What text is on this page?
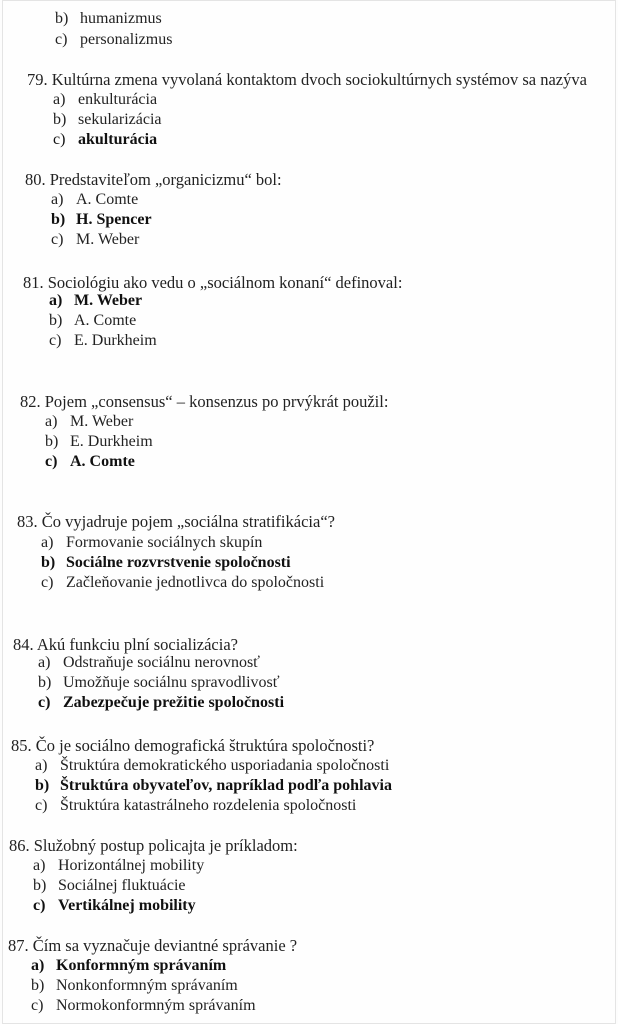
b) humanizmus
c) personalizmus
79. Kultúrna zmena vyvolaná kontaktom dvoch sociokultúrnych systémov sa nazýva
a) enkulturácia
b) sekularizácia
c) akulturácia
80. Predstaviteľom „organicizmu“ bol:
a) A. Comte
b) H. Spencer
c) M. Weber
81. Sociológiu ako vedu o „sociálnom konaní“ definoval:
a) M. Weber
b) A. Comte
c) E. Durkheim
82. Pojem „consensus“ – konsenzus po prvýkrát použil:
a) M. Weber
b) E. Durkheim
c) A. Comte
83. Čo vyjadruje pojem „sociálna stratifikácia“?
a) Formovanie sociálnych skupín
b) Sociálne rozvrstvenie spoločnosti
c) Začleňovanie jednotlivca do spoločnosti
84. Akú funkciu plní socializácia?
a) Odstraňuje sociálnu nerovnosť
b) Umožňuje sociálnu spravodlivosť
c) Zabezpečuje prežitie spoločnosti
85. Čo je sociálno demografická štruktúra spoločnosti?
a) Štruktúra demokratického usporiadania spoločnosti
b) Štruktúra obyvateľov, napríklad podľa pohlavia
c) Štruktúra katastrálneho rozdelenia spoločnosti
86. Služobný postup policajta je príkladom:
a) Horizontálnej mobility
b) Sociálnej fluktuácie
c) Vertikálnej mobility
87. Čím sa vyznačuje deviantné správanie ?
a) Konformným správaním
b) Nonkonformným správaním
c) Normokonformným správaním
